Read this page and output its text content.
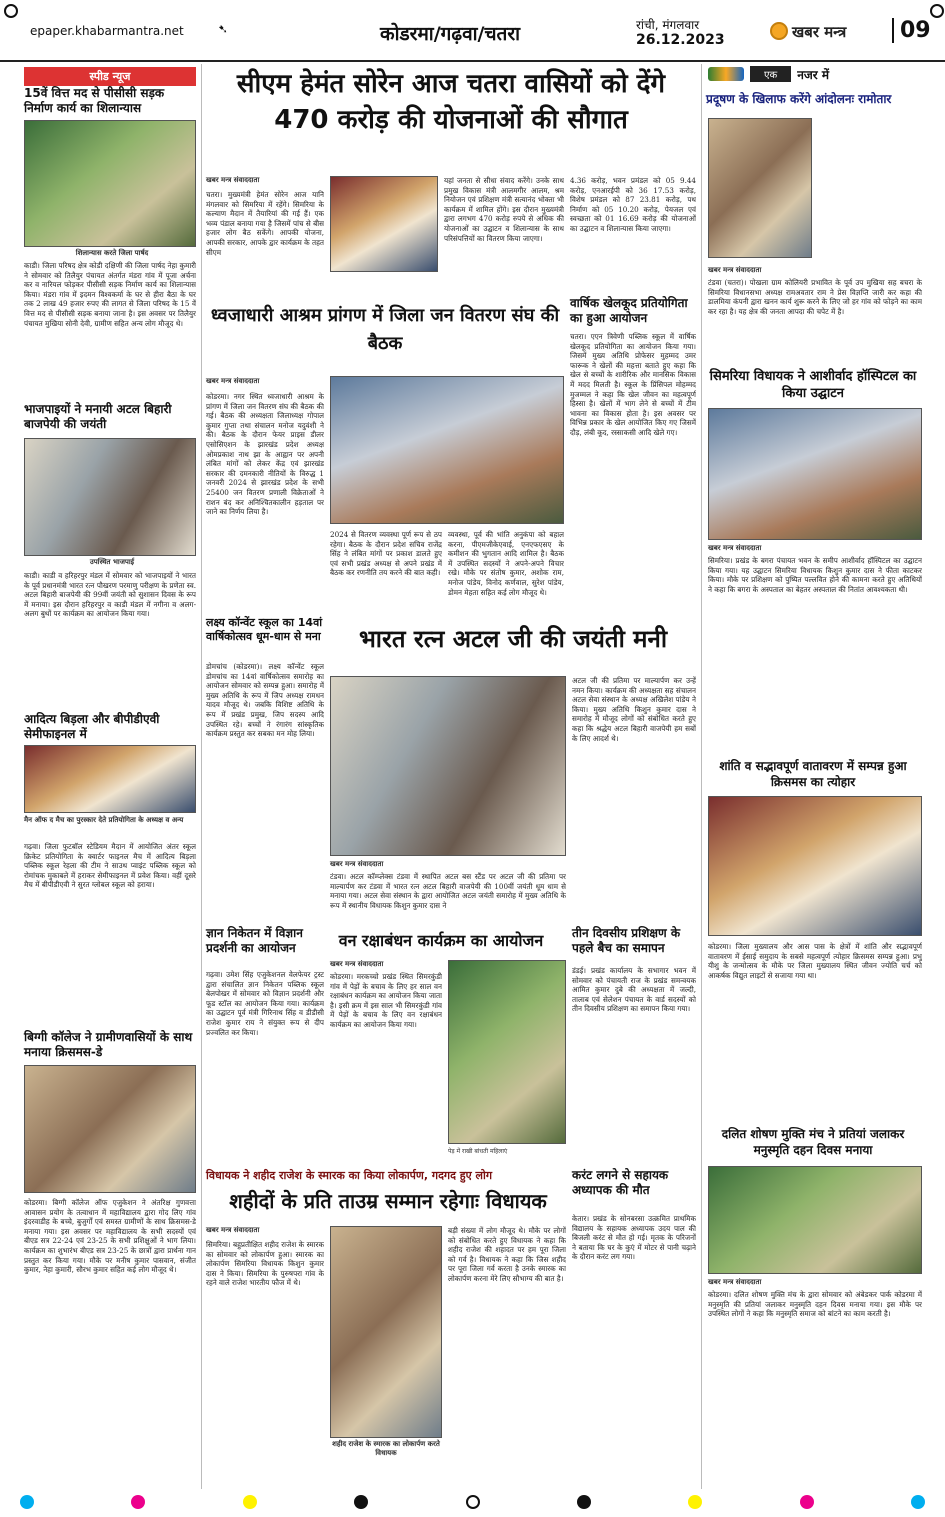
epaper.khabarmantra.net	➷	कोडरमा/गढ़वा/चतरा	रांची, मंगलवार
26.12.2023	खबर मन्त्र	09
स्पीड न्यूज
15वें वित्त मद से पीसीसी सड़क निर्माण कार्य का शिलान्यास
शिलान्यास करते जिला पार्षद
काडी। जिला परिषद क्षेत्र कोडी दक्षिणी की जिला पार्षद नेहा कुमारी ने सोमवार को तिलैयुर पंचायत अंतर्गत मंडरा गांव में पूजा अर्चना कर व नारियल फोड़कर पीसीसी सड़क निर्माण कार्य का शिलान्यास किया। मंडरा गांव में इदमन विश्वकर्मा के घर से हीरा बैठा के घर तक 2 लाख 49 हजार रुपए की लागत से जिला परिषद के 15 वें वित्त मद से पीसीसी सड़क बनाया जाना है। इस अवसर पर तिलैयुर पंचायत मुखिया सोनी देवी, ग्रामीण सहित अन्य लोग मौजूद थे।
भाजपाइयों ने मनायी अटल बिहारी बाजपेयी की जयंती
उपस्थित भाजपाई
काडी। काडी व हरिहरपुर मंडल में सोमवार को भाजपाइयों ने भारत के पूर्व प्रधानमंत्री भारत रत्न पौखरण परमाणु परीक्षण के प्रणेता स्व. अटल बिहारी बाजपेयी की 99वीं जयंती को सुशासन दिवस के रूप में मनाया। इस दौरान हरिहरपुर व काडी मंडल में नगीना व अलग-अलग बुथों पर कार्यक्रम का आयोजन किया गया।
आदित्य बिड़ला और बीपीडीएवी सेमीफाइनल में
मैन ऑफ द मैच का पुरस्कार देते प्रतियोगिता के अध्यक्ष व अन्य
गढ़वा। जिला फुटबॉल स्टेडियम मैदान में आयोजित अंतर स्कूल क्रिकेट प्रतियोगिता के क्वार्टर फाइनल मैच में आदित्य बिड़ला पब्लिक स्कूल रेहला की टीम ने साउथ प्वाइंट पब्लिक स्कूल को रोमांचक मुकाबले में हराकर सेमीफाइनल में प्रवेश किया। वहीं दूसरे मैच में बीपीडीएवी ने सुरत ग्लोबल स्कूल को हराया।
बिग्गी कॉलेज ने ग्रामीणवासियों के साथ मनाया क्रिसमस-डे
कोडरमा। बिग्गी कॉलेज ऑफ एजुकेशन ने अंतरिक्ष गुणवत्ता आवासन प्रयोग के तत्वाधान में महाविद्यालय द्वारा गोद लिए गांव इंदरवाडीह के बच्चे, बुजुर्गों एवं समस्त ग्रामीणों के साथ क्रिसमस-डे मनाया गया। इस अवसर पर महाविद्यालय के सभी सदस्यों एवं बीएड सत्र 22-24 एवं 23-25 के सभी प्रशिक्षुओं ने भाग लिया। कार्यक्रम का शुभारंभ बीएड सत्र 23-25 के छात्रों द्वारा प्रार्थना गान प्रस्तुत कर किया गया। मौके पर मनीष कुमार पासवान, संजीत कुमार, नेहा कुमारी, सौरभ कुमार सहित कई लोग मौजूद थे।
सीएम हेमंत सोरेन आज चतरा वासियों को देंगे 470 करोड़ की योजनाओं की सौगात
खबर मन्त्र संवाददाता
चतरा। मुख्यमंत्री हेमंत सोरेन आज यानि मंगलवार को सिमरिया में रहेंगे। सिमरिया के कल्याण मैदान में तैयारियां की गई हैं। एक भव्य पंडाल बनाया गया है जिसमें पांच से बीस हजार लोग बैठ सकेंगे। आपकी योजना, आपकी सरकार, आपके द्वार कार्यक्रम के तहत सीएम
यहां जनता से सीधा संवाद करेंगे। उनके साथ प्रमुख विकास मंत्री आलमगीर आलम, श्रम नियोजन एवं प्रशिक्षण मंत्री सत्यानंद भोक्ता भी कार्यक्रम में शामिल होंगे। इस दौरान मुख्यमंत्री द्वारा लगभग 470 करोड़ रुपये से अधिक की योजनाओं का उद्घाटन व शिलान्यास के साथ परिसंपत्तियों का वितरण किया जाएगा।
4.36 करोड़, भवन प्रमंडल को 05 9.44 करोड़, एनआरईपी को 36 17.53 करोड़, विशेष प्रमंडल को 87 23.81 करोड़, पथ निर्माण को 05 10.20 करोड़, पेयजल एवं स्वच्छता को 01 16.69 करोड़ की योजनाओं का उद्घाटन व शिलान्यास किया जाएगा।
ध्वजाधारी आश्रम प्रांगण में जिला जन वितरण संघ की बैठक
खबर मन्त्र संवाददाता
कोडरमा। नगर स्थित ध्वजाधारी आश्रम के प्रांगण में जिला जन वितरण संघ की बैठक की गई। बैठक की अध्यक्षता जिलाध्यक्ष गोपाल कुमार गुप्ता तथा संचालन मनोज यदुवंशी ने की। बैठक के दौरान फेयर प्राइस डीलर एसोसिएशन के झारखंड प्रदेश अध्यक्ष ओमप्रकाश नाथ झा के आह्वान पर अपनी लंबित मांगों को लेकर केंद्र एवं झारखंड सरकार की दमनकारी नीतियों के विरुद्ध 1 जनवरी 2024 से झारखंड प्रदेश के सभी 25400 जन वितरण प्रणाली विक्रेताओं ने राशन बंद कर अनिश्चितकालीन हड़ताल पर जाने का निर्णय लिया है।
2024 से वितरण व्यवस्था पूर्ण रूप से ठप रहेगा। बैठक के दौरान प्रदेश सचिव राजेंद्र सिंह ने लंबित मांगों पर प्रकाश डालते हुए एवं सभी प्रखंड अध्यक्ष से अपने प्रखंड में बैठक कर रणनीति तय करने की बात कही।
व्यवस्था, पूर्व की भांति अनुकंपा को बहाल करना, पीएमजीकेएवाई, एनएफएसए के कमीशन की भुगतान आदि शामिल है। बैठक में उपस्थित सदस्यों ने अपने-अपने विचार रखे। मौके पर संतोष कुमार, अशोक राम, मनोज पांडेय, विनोद कर्णवाल, सुरेश पांडेय, डोमन मेहता सहित कई लोग मौजूद थे।
वार्षिक खेलकूद प्रतियोगिता का हुआ आयोजन
चतरा। एएन त्रिवेणी पब्लिक स्कूल में वार्षिक खेलकूद प्रतियोगिता का आयोजन किया गया। जिसमें मुख्य अतिथि प्रोफेसर मुहम्मद उमर फारूक ने खेलों की महत्ता बताते हुए कहा कि खेल से बच्चों के शारीरिक और मानसिक विकास में मदद मिलती है। स्कूल के प्रिंसिपल मोहम्मद मुजम्मल ने कहा कि खेल जीवन का महत्वपूर्ण हिस्सा है। खेलों में भाग लेने से बच्चों में टीम भावना का विकास होता है। इस अवसर पर विभिन्न प्रकार के खेल आयोजित किए गए जिसमें दौड़, लंबी कूद, रस्साकसी आदि खेले गए।
लक्ष्य कॉन्वेंट स्कूल का 14वां वार्षिकोत्सव धूम-धाम से मना
डोमचांच (कोडरमा)। लक्ष्य कॉन्वेंट स्कूल डोमचांच का 14वां वार्षिकोत्सव समारोह का आयोजन सोमवार को सम्पन्न हुआ। समारोह में मुख्य अतिथि के रूप में जिप अध्यक्ष रामधन यादव मौजूद थे। जबकि विशिष्ट अतिथि के रूप में प्रखंड प्रमुख, जिप सदस्य आदि उपस्थित रहे। बच्चों ने रंगारंग सांस्कृतिक कार्यक्रम प्रस्तुत कर सबका मन मोह लिया।
भारत रत्न अटल जी की जयंती मनी
खबर मन्त्र संवाददाता
टंडवा। अटल कॉम्प्लेक्स टंडवा में स्थापित अटल बस स्टैंड पर अटल जी की प्रतिमा पर माल्यार्पण कर टंडवा में भारत रत्न अटल बिहारी वाजपेयी की 100वीं जयंती धूम धाम से मनाया गया। अटल सेवा संस्थान के द्वारा आयोजित अटल जयंती समारोह में मुख्य अतिथि के रूप में स्थानीय विधायक किशुन कुमार दास ने
अटल जी की प्रतिमा पर माल्यार्पण कर उन्हें नमन किया। कार्यक्रम की अध्यक्षता सह संचालन अटल सेवा संस्थान के अध्यक्ष अखिलेश पांडेय ने किया। मुख्य अतिथि किशुन कुमार दास ने समारोह में मौजूद लोगों को संबोधित करते हुए कहा कि श्रद्धेय अटल बिहारी वाजपेयी हम सबों के लिए आदर्श थे।
ज्ञान निकेतन में विज्ञान प्रदर्शनी का आयोजन
गढ़वा। उमेश सिंह एजुकेशनल वेलफेयर ट्रस्ट द्वारा संचालित ज्ञान निकेतन पब्लिक स्कूल बेलपोखर में सोमवार को विज्ञान प्रदर्शनी और फूड स्टॉल का आयोजन किया गया। कार्यक्रम का उद्घाटन पूर्व मंत्री गिरिनाथ सिंह व डीडीसी राजेश कुमार राय ने संयुक्त रूप से दीप प्रज्वलित कर किया।
वन रक्षाबंधन कार्यक्रम का आयोजन
खबर मन्त्र संवाददाता
कोडरमा। मरकच्चो प्रखंड स्थित सिमरकुंडी गांव में पेड़ों के बचाव के लिए हर साल वन रक्षाबंधन कार्यक्रम का आयोजन किया जाता है। इसी क्रम में इस साल भी सिमरकुंडी गांव में पेड़ों के बचाव के लिए वन रक्षाबंधन कार्यक्रम का आयोजन किया गया।
पेड़ में राखी बांधती महिलाएं
तीन दिवसीय प्रशिक्षण के पहले बैच का समापन
डंडई। प्रखंड कार्यालय के सभागार भवन में सोमवार को पंचायती राज के प्रखंड समन्वयक आमित कुमार दुबे की अध्यक्षता में जल्दी, तालाब एवं सेलेशन पंचायत के वार्ड सदस्यों को तीन दिवसीय प्रशिक्षण का समापन किया गया।
विधायक ने शहीद राजेश के स्मारक का किया लोकार्पण, गदगद हुए लोग
शहीदों के प्रति ताउम्र सम्मान रहेगाः विधायक
खबर मन्त्र संवाददाता
सिमरिया। बहुप्रतीक्षित शहीद राजेश के स्मारक का सोमवार को लोकार्पण हुआ। स्मारक का लोकार्पण सिमरिया विधायक किशुन कुमार दास ने किया। सिमरिया के पुरुषपरा गांव के रहने वाले राजेश भारतीय फौज में थे।
शहीद राजेश के स्मारक का लोकार्पण करते विधायक
बड़ी संख्या में लोग मौजूद थे। मौके पर लोगों को संबोधित करते हुए विधायक ने कहा कि शहीद राजेश की शहादत पर हम पूरा जिला को गर्व है। विधायक ने कहा कि जिस शहीद पर पूरा जिला गर्व करता है उनके स्मारक का लोकार्पण करना मेरे लिए सौभाग्य की बात है।
करंट लगने से सहायक अध्यापक की मौत
केतार। प्रखंड के सोनबरसा उत्क्रमित प्राथमिक विद्यालय के सहायक अध्यापक उदय पाल की बिजली करंट से मौत हो गई। मृतक के परिजनों ने बताया कि घर के कुएं में मोटर से पानी चढ़ाने के दौरान करंट लग गया।
एक	नजर में
प्रदूषण के खिलाफ करेंगे आंदोलनः रामोतार
खबर मन्त्र संवाददाता
टंडवा (चतरा)। पोखला ग्राम कोलियरी प्रभावित के पूर्व उप मुखिया सह बचरा के सिमरिया विधानसभा अध्यक्ष रामअवतार राम ने प्रेस विज्ञप्ति जारी कर कहा की डालमिया कंपनी द्वारा खनन कार्य शुरू करने के लिए जो हर गांव को फोड़ने का काम कर रहा है। यह क्षेत्र की जनता आपदा की चपेट में है।
सिमरिया विधायक ने आशीर्वाद हॉस्पिटल का किया उद्घाटन
खबर मन्त्र संवाददाता
सिमरिया। प्रखंड के बगरा पंचायत भवन के समीप आशीर्वाद हॉस्पिटल का उद्घाटन किया गया। यह उद्घाटन सिमरिया विधायक किशुन कुमार दास ने फीता काटकर किया। मौके पर प्रशिक्षण को पुष्पित पल्लवित होने की कामना करते हुए अतिथियों ने कहा कि बगरा के अस्पताल का बेहतर अस्पताल की नितांत आवश्यकता थी।
शांति व सद्भावपूर्ण वातावरण में सम्पन्न हुआ क्रिसमस का त्योहार
कोडरमा। जिला मुख्यालय और आस पास के क्षेत्रों में शांति और सद्भावपूर्ण वातावरण में ईसाई समुदाय के सबसे महत्वपूर्ण त्योहार क्रिसमस सम्पन्न हुआ। प्रभु यीशु के जन्मोत्सव के मौके पर जिला मुख्यालय स्थित जीवन ज्योति चर्च को आकर्षक विद्युत लाइटों से सजाया गया था।
दलित शोषण मुक्ति मंच ने प्रतियां जलाकर मनुस्मृति दहन दिवस मनाया
खबर मन्त्र संवाददाता
कोडरमा। दलित शोषण मुक्ति मंच के द्वारा सोमवार को अंबेडकर पार्क कोडरमा में मनुस्मृति की प्रतियां जलाकर मनुस्मृति दहन दिवस मनाया गया। इस मौके पर उपस्थित लोगों ने कहा कि मनुस्मृति समाज को बांटने का काम करती है।
